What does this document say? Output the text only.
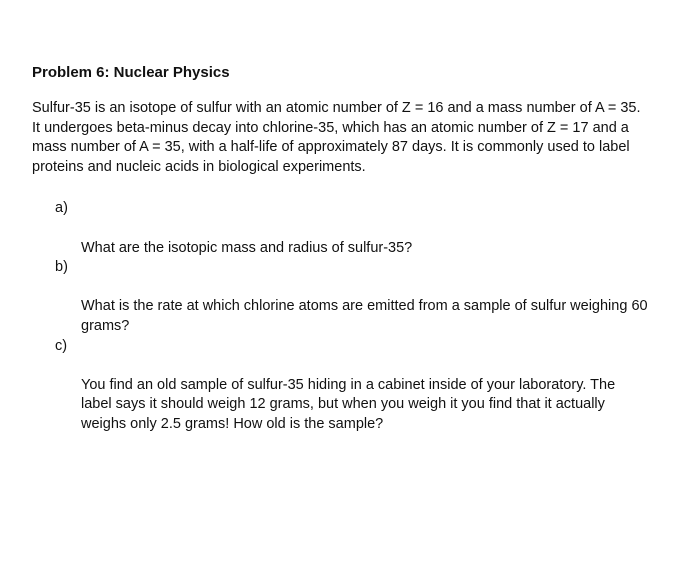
Problem 6: Nuclear Physics

Sulfur-35 is an isotope of sulfur with an atomic number of Z = 16 and a mass number of A = 35.
It undergoes beta-minus decay into chlorine-35, which has an atomic number of Z = 17 and a
mass number of A = 35, with a half-life of approximately 87 days. It is commonly used to label
proteins and nucleic acids in biological experiments.

a)

What are the isotopic mass and radius of sulfur-35?

b)

What is the rate at which chlorine atoms are emitted from a sample of sulfur weighing 60
grams?

c)

You find an old sample of sulfur-35 hiding in a cabinet inside of your laboratory. The
label says it should weigh 12 grams, but when you weigh it you find that it actually
weighs only 2.5 grams! How old is the sample?
